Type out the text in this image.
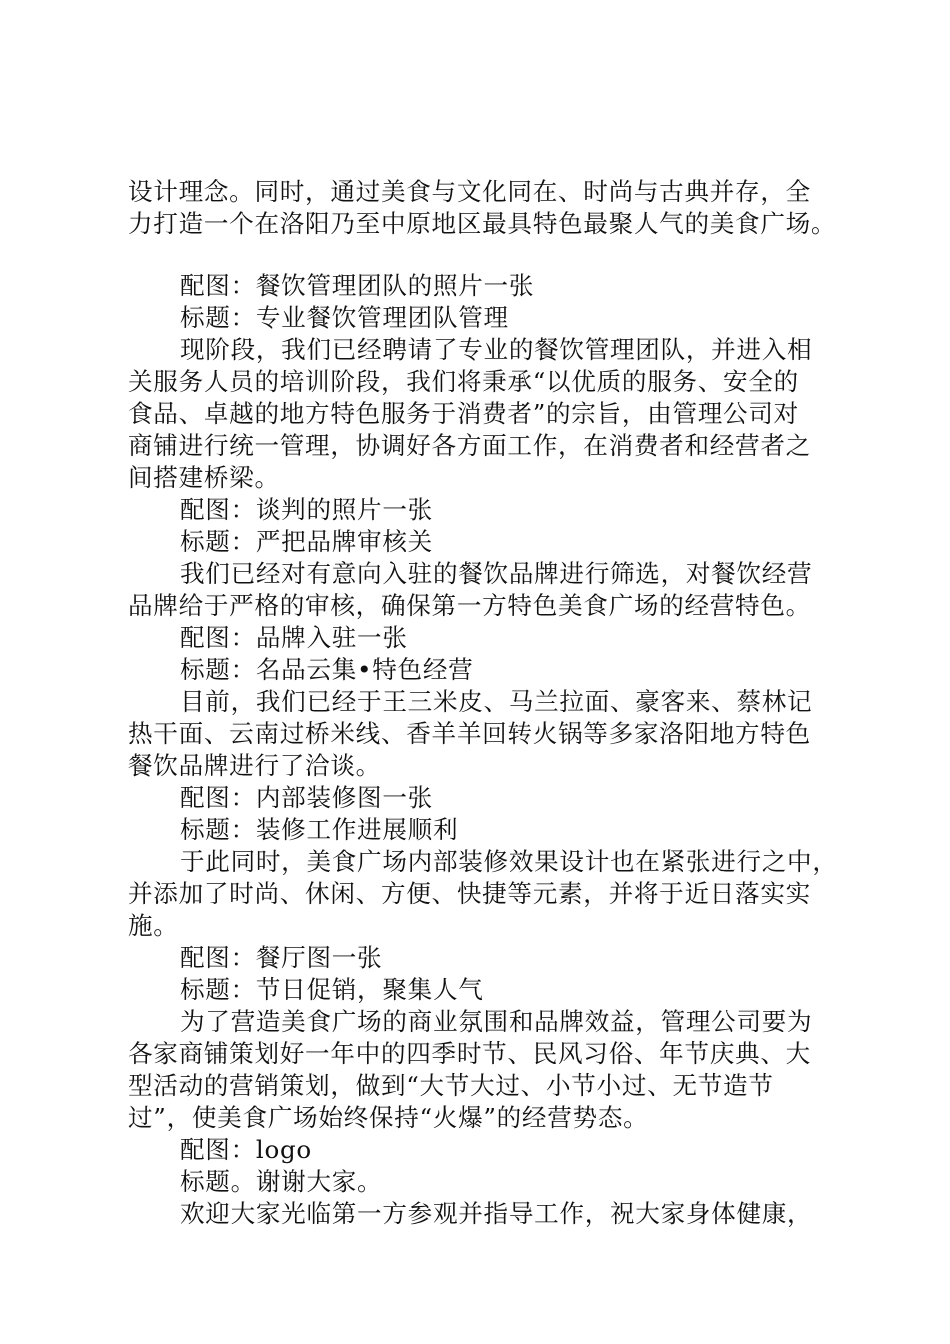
设计理念。同时，通过美食与文化同在、时尚与古典并存，全
力打造一个在洛阳乃至中原地区最具特色最聚人气的美食广场。
配图：餐饮管理团队的照片一张
标题：专业餐饮管理团队管理
现阶段，我们已经聘请了专业的餐饮管理团队，并进入相
关服务人员的培训阶段，我们将秉承“以优质的服务、安全的
食品、卓越的地方特色服务于消费者”的宗旨，由管理公司对
商铺进行统一管理，协调好各方面工作，在消费者和经营者之
间搭建桥梁。
配图：谈判的照片一张
标题：严把品牌审核关
我们已经对有意向入驻的餐饮品牌进行筛选，对餐饮经营
品牌给于严格的审核，确保第一方特色美食广场的经营特色。
配图：品牌入驻一张
标题：名品云集•特色经营
目前，我们已经于王三米皮、马兰拉面、豪客来、蔡林记
热干面、云南过桥米线、香羊羊回转火锅等多家洛阳地方特色
餐饮品牌进行了洽谈。
配图：内部装修图一张
标题：装修工作进展顺利
于此同时，美食广场内部装修效果设计也在紧张进行之中，
并添加了时尚、休闲、方便、快捷等元素，并将于近日落实实
施。
配图：餐厅图一张
标题：节日促销，聚集人气
为了营造美食广场的商业氛围和品牌效益，管理公司要为
各家商铺策划好一年中的四季时节、民风习俗、年节庆典、大
型活动的营销策划，做到“大节大过、小节小过、无节造节
过”，使美食广场始终保持“火爆”的经营势态。
配图：logo
标题。谢谢大家。
欢迎大家光临第一方参观并指导工作，祝大家身体健康，
